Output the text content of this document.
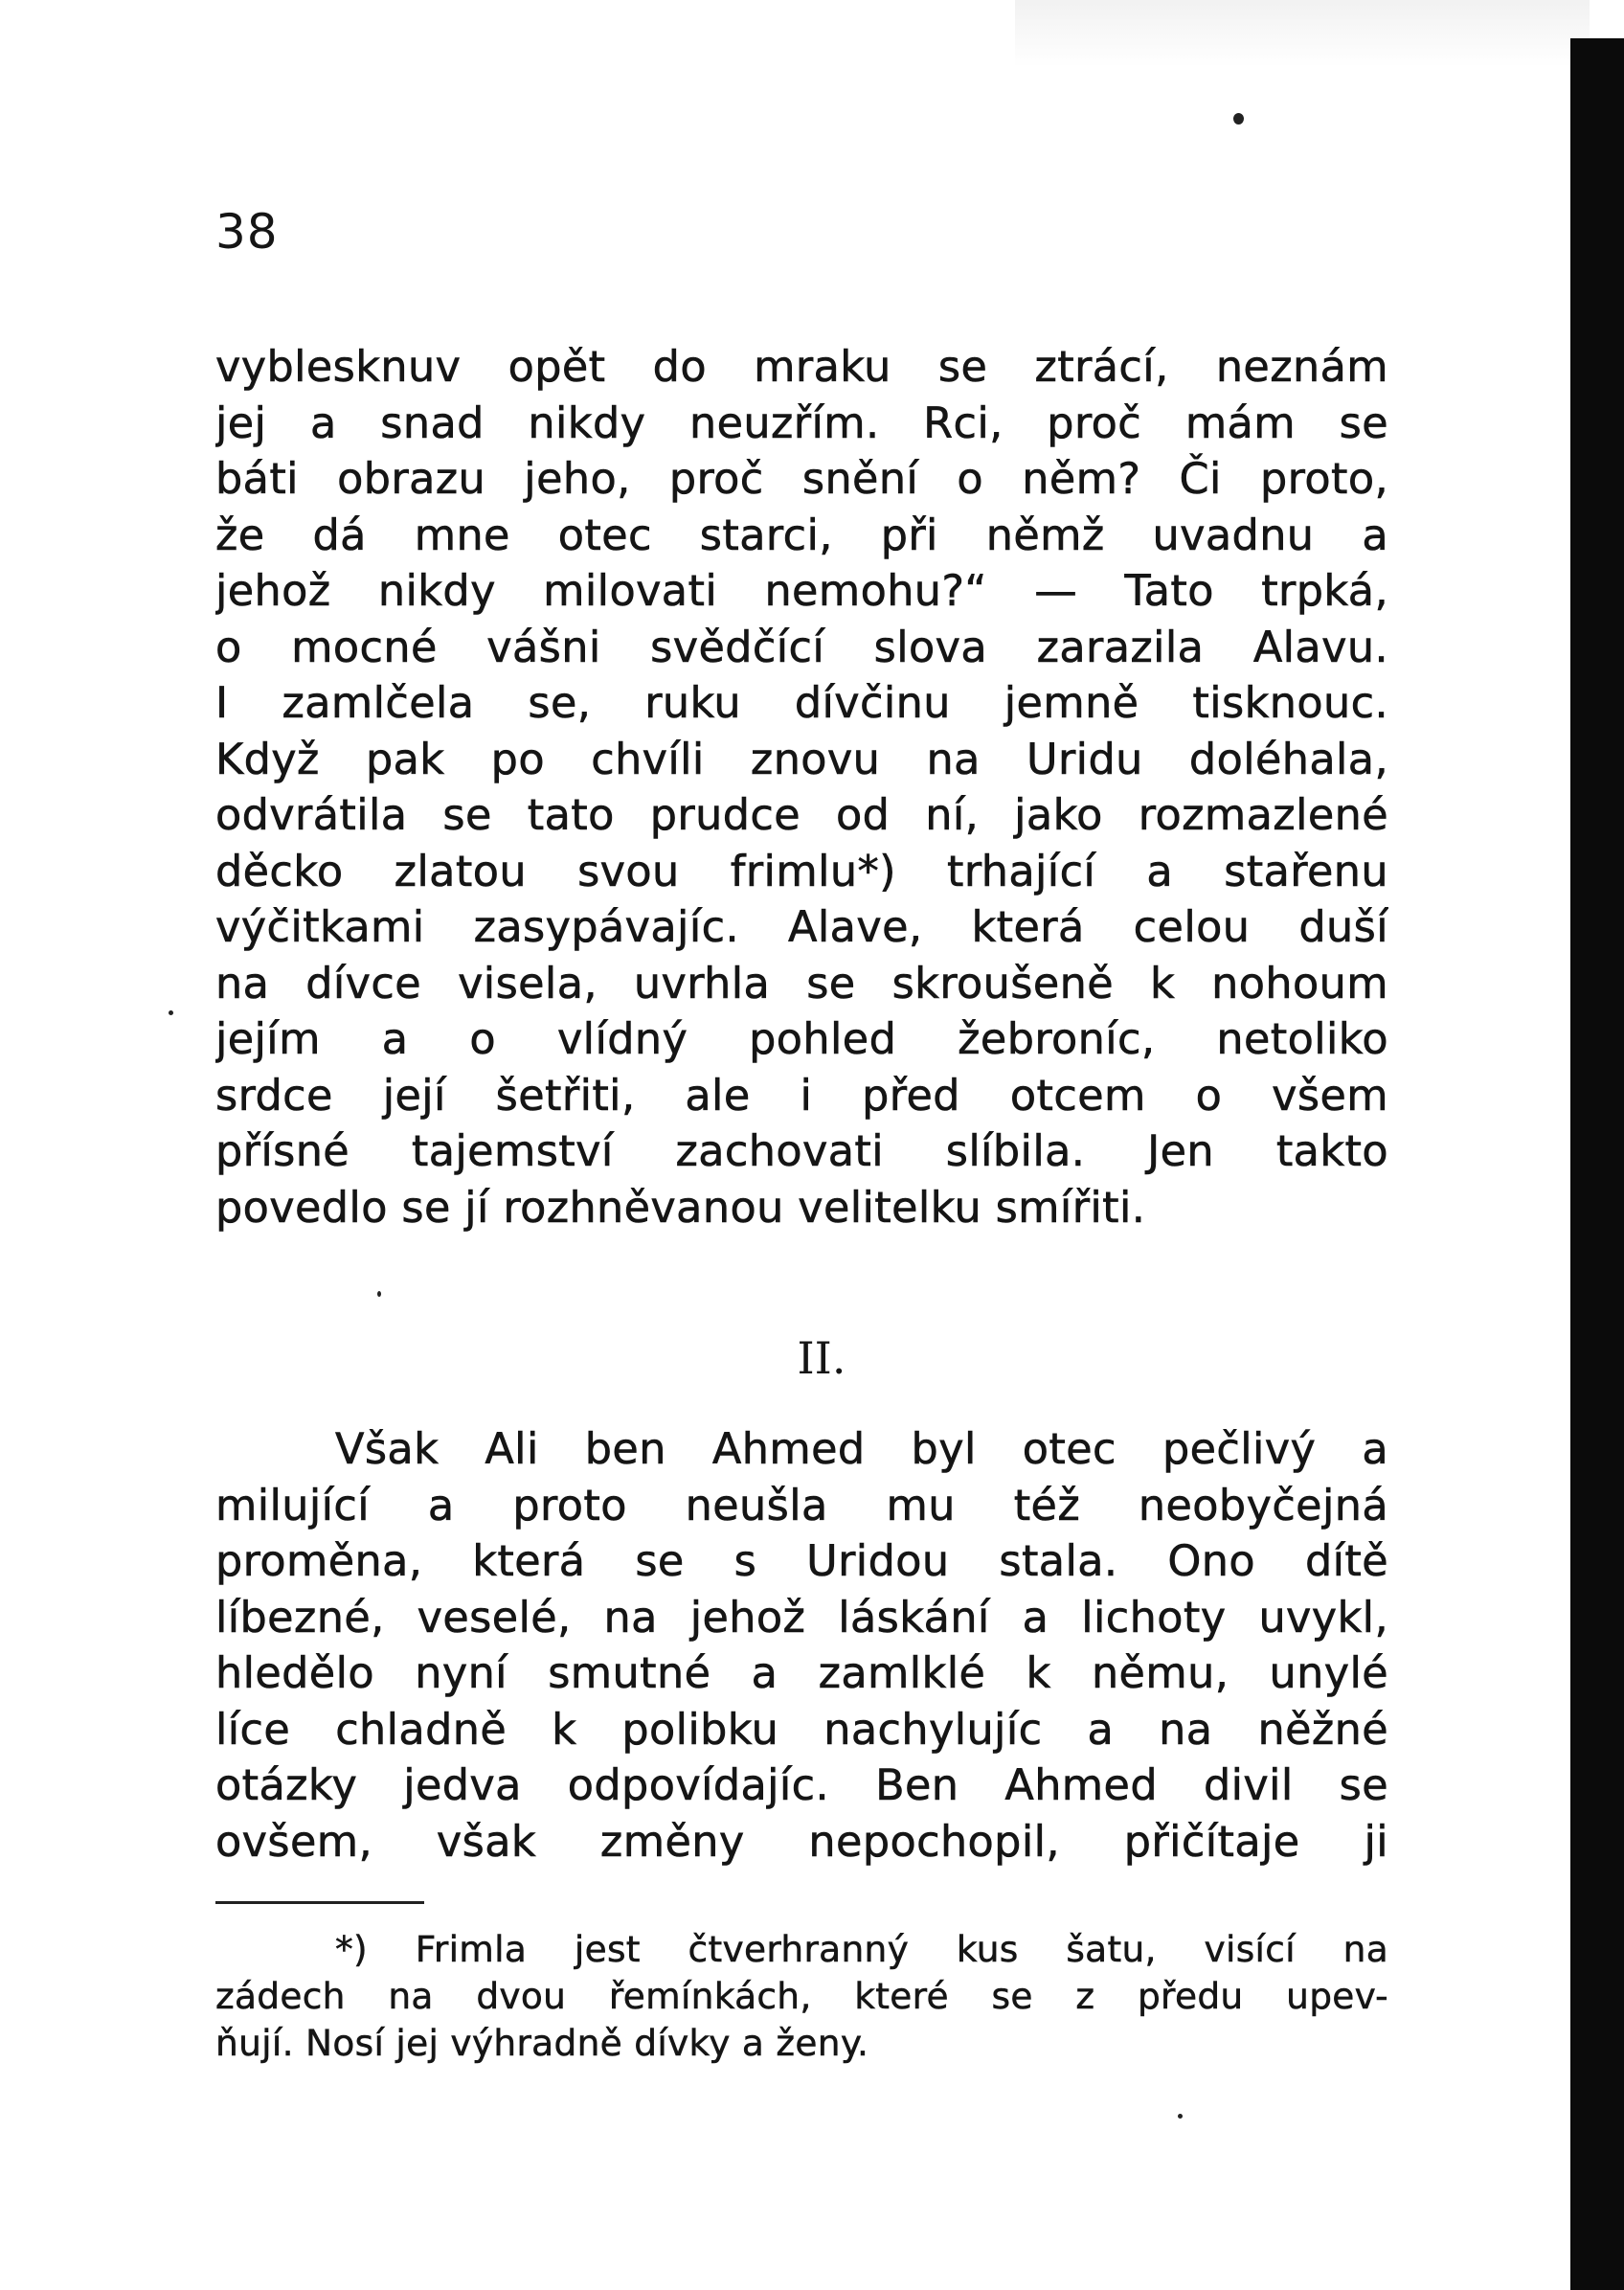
38
vyblesknuv opět do mraku se ztrácí, neznám
jej a snad nikdy neuzřím. Rci, proč mám se
báti obrazu jeho, proč snění o něm? Či proto,
že dá mne otec starci, při němž uvadnu a
jehož nikdy milovati nemohu?“ — Tato trpká,
o mocné vášni svědčící slova zarazila Alavu.
I zamlčela se, ruku dívčinu jemně tisknouc.
Když pak po chvíli znovu na Uridu doléhala,
odvrátila se tato prudce od ní, jako rozmazlené
děcko zlatou svou frimlu*) trhající a stařenu
výčitkami zasypávajíc. Alave, která celou duší
na dívce visela, uvrhla se skroušeně k nohoum
jejím a o vlídný pohled žebroníc, netoliko
srdce její šetřiti, ale i před otcem o všem
přísné tajemství zachovati slíbila. Jen takto
povedlo se jí rozhněvanou velitelku smířiti.
II.
Však Ali ben Ahmed byl otec pečlivý a
milující a proto neušla mu též neobyčejná
proměna, která se s Uridou stala. Ono dítě
líbezné, veselé, na jehož láskání a lichoty uvykl,
hledělo nyní smutné a zamlklé k němu, unylé
líce chladně k polibku nachylujíc a na něžné
otázky jedva odpovídajíc. Ben Ahmed divil se
ovšem, však změny nepochopil, přičítaje ji
*) Frimla jest čtverhranný kus šatu, visící na
zádech na dvou řemínkách, které se z předu upev-
ňují. Nosí jej výhradně dívky a ženy.
